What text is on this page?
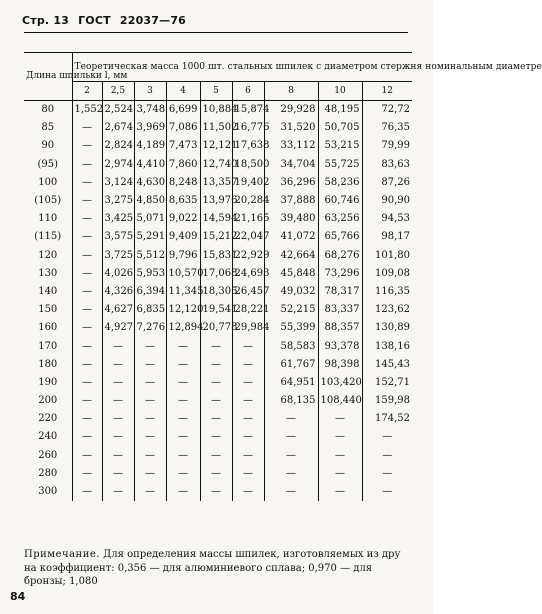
Стр. 13 ГОСТ 22037—76
Длина шпильки l, мм	Теоретическая масса 1000 шт. стальных шпилек с диаметром стержня номинальным диаметре								
	2	2,5	3	4	5	6	8	10	12
80	1,552	2,524	3,748	6,699	10,884	15,874	29,928	48,195	72,72
85	—	2,674	3,969	7,086	11,502	16,776	31,520	50,705	76,35
90	—	2,824	4,189	7,473	12,121	17,638	33,112	53,215	79,99
(95)	—	2,974	4,410	7,860	12,740	18,500	34,704	55,725	83,63
100	—	3,124	4,630	8,248	13,357	19,402	36,296	58,236	87,26
(105)	—	3,275	4,850	8,635	13,976	20,284	37,888	60,746	90,90
110	—	3,425	5,071	9,022	14,594	21,165	39,480	63,256	94,53
(115)	—	3,575	5,291	9,409	15,212	22,047	41,072	65,766	98,17
120	—	3,725	5,512	9,796	15,831	22,929	42,664	68,276	101,80
130	—	4,026	5,953	10,570	17,068	24,693	45,848	73,296	109,08
140	—	4,326	6,394	11,345	18,305	26,457	49,032	78,317	116,35
150	—	4,627	6,835	12,120	19,541	28,221	52,215	83,337	123,62
160	—	4,927	7,276	12,894	20,778	29,984	55,399	88,357	130,89
170	—	—	—	—	—	—	58,583	93,378	138,16
180	—	—	—	—	—	—	61,767	98,398	145,43
190	—	—	—	—	—	—	64,951	103,420	152,71
200	—	—	—	—	—	—	68,135	108,440	159,98
220	—	—	—	—	—	—	—	—	174,52
240	—	—	—	—	—	—	—	—	—
260	—	—	—	—	—	—	—	—	—
280	—	—	—	—	—	—	—	—	—
300	—	—	—	—	—	—	—	—	—
Примечание. Для определения массы шпилек, изготовляемых из дру
на коэффициент: 0,356 — для алюминиевого сплава; 0,970 — для бронзы; 1,080
84
